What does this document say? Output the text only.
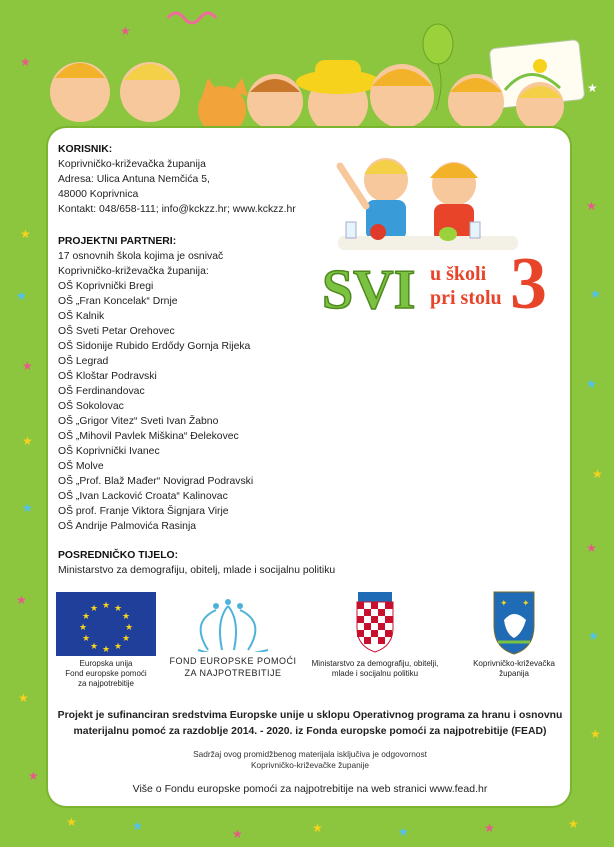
★
★
★
★
★
★	★
★
★
★
★
★
★
★
★
★
★
★
★	★
★	★	★	★	★
KORISNIK:
Koprivničko-križevačka županija
Adresa: Ulica Antuna Nemčića 5,
48000 Koprivnica
Kontakt: 048/658-111; info@kckzz.hr; www.kckzz.hr
PROJEKTNI PARTNERI:
17 osnovnih škola kojima je osnivač
Koprivničko-križevačka županija:
OŠ Koprivnički Bregi
OŠ „Fran Koncelak“ Drnje
OŠ Kalnik
OŠ Sveti Petar Orehovec
OŠ Sidonije Rubido Erdődy Gornja Rijeka
OŠ Legrad
OŠ Kloštar Podravski
OŠ Ferdinandovac
OŠ Sokolovac
OŠ „Grigor Vitez“ Sveti Ivan Žabno
OŠ „Mihovil Pavlek Miškina“ Đelekovec
OŠ Koprivnički Ivanec
OŠ Molve
OŠ „Prof. Blaž Mađer“ Novigrad Podravski
OŠ „Ivan Lacković Croata“ Kalinovac
OŠ prof. Franje Viktora Šignjara Virje
OŠ Andrije Palmovića Rasinja
POSREDNIČKO TIJELO:
Ministarstvo za demografiju, obitelj, mlade i socijalnu politiku
SVI u školi
pri stolu 3
★ ★
★
★
★
★
★
★
★
★
★
★
Europska unija
Fond europske pomoći
za najpotrebitije
FOND EUROPSKE POMOĆI
ZA NAJPOTREBITIJE
Ministarstvo za demografiju, obitelji,
mlade i socijalnu politiku
✦ ✦
Koprivničko-križevačka
županija
Projekt je sufinanciran sredstvima Europske unije u sklopu Operativnog programa za hranu i osnovnu
materijalnu pomoć za razdoblje 2014. - 2020. iz Fonda europske pomoći za najpotrebitije (FEAD)
Sadržaj ovog promidžbenog materijala isključiva je odgovornost
Koprivničko-križevačke županije
Više o Fondu europske pomoći za najpotrebitije na web stranici www.fead.hr
